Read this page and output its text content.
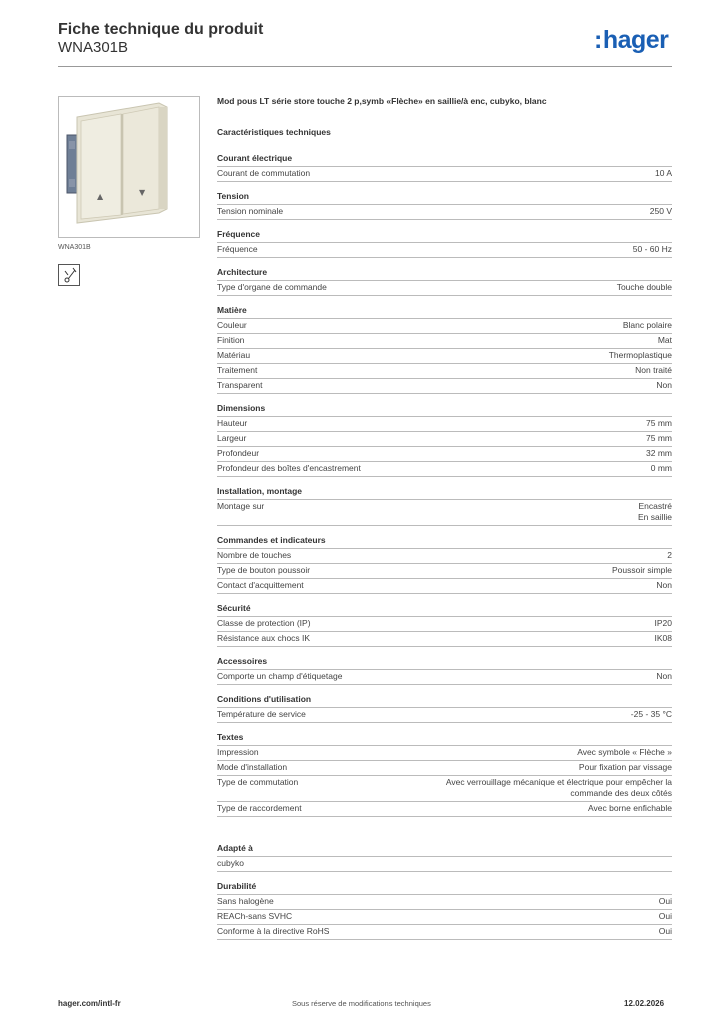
Fiche technique du produit
WNA301B	:hager
▲	▼
WNA301B
Mod pous LT série store touche 2 p,symb «Flèche» en saillie/à enc, cubyko, blanc
Caractéristiques techniques
Courant électrique
Courant de commutation	10 A
Tension
Tension nominale	250 V
Fréquence
Fréquence	50 - 60 Hz
Architecture
Type d'organe de commande	Touche double
Matière
Couleur	Blanc polaire
Finition	Mat
Matériau	Thermoplastique
Traitement	Non traité
Transparent	Non
Dimensions
Hauteur	75 mm
Largeur	75 mm
Profondeur	32 mm
Profondeur des boîtes d'encastrement	0 mm
Installation, montage
Montage sur	Encastré
En saillie
Commandes et indicateurs
Nombre de touches	2
Type de bouton poussoir	Poussoir simple
Contact d'acquittement	Non
Sécurité
Classe de protection (IP)	IP20
Résistance aux chocs IK	IK08
Accessoires
Comporte un champ d'étiquetage	Non
Conditions d'utilisation
Température de service	-25 - 35 °C
Textes
Impression	Avec symbole « Flèche »
Mode d'installation	Pour fixation par vissage
Type de commutation	Avec verrouillage mécanique et électrique pour empêcher la
commande des deux côtés
Type de raccordement	Avec borne enfichable
Adapté à
cubyko
Durabilité
Sans halogène	Oui
REACh-sans SVHC	Oui
Conforme à la directive RoHS	Oui
hager.com/intl-fr	Sous réserve de modifications techniques	12.02.2026
